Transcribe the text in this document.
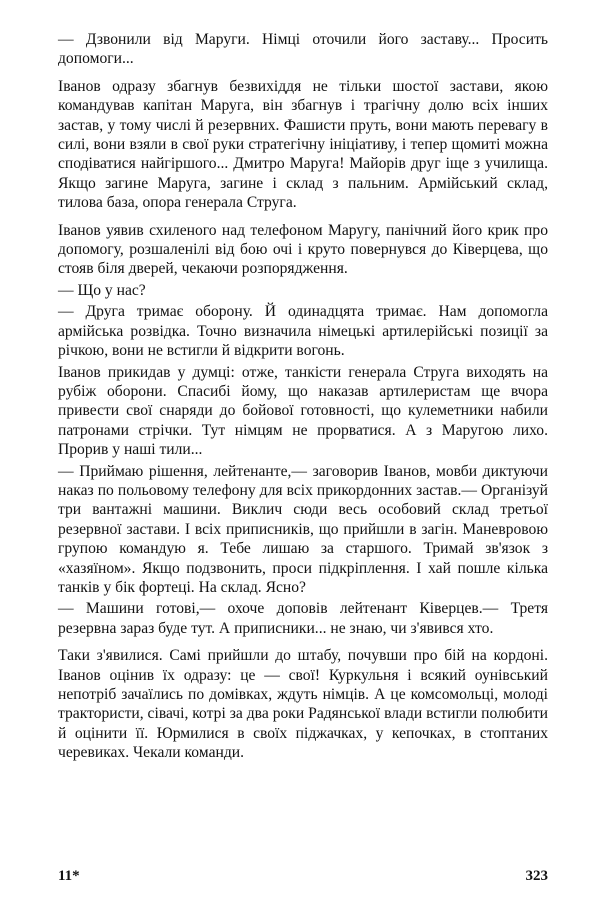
— Дзвонили від Маруги. Німці оточили його заставу... Просить допомоги...

Іванов одразу збагнув безвихіддя не тільки шостої застави, якою командував капітан Маруга, він збагнув і трагічну долю всіх інших застав, у тому числі й резервних. Фашисти пруть, вони мають перевагу в силі, вони взяли в свої руки стратегічну ініціативу, і тепер щомиті можна сподіватися найгіршого... Дмитро Маруга! Майорів друг іще з училища. Якщо загине Маруга, загине і склад з пальним. Армійський склад, тилова база, опора генерала Струга.

Іванов уявив схиленого над телефоном Маругу, панічний його крик про допомогу, розшаленілі від бою очі і круто повернувся до Ківерцева, що стояв біля дверей, чекаючи розпорядження.

— Що у нас?

— Друга тримає оборону. Й одинадцята тримає. Нам допомогла армійська розвідка. Точно визначила німецькі артилерійські позиції за річкою, вони не встигли й відкрити вогонь.

Іванов прикидав у думці: отже, танкісти генерала Струга виходять на рубіж оборони. Спасибі йому, що наказав артилеристам ще вчора привести свої снаряди до бойової готовності, що кулеметники набили патронами стрічки. Тут німцям не прорватися. А з Маругою лихо. Прорив у наші тили...

— Приймаю рішення, лейтенанте,— заговорив Іванов, мовби диктуючи наказ по польовому телефону для всіх прикордонних застав.— Організуй три вантажні машини. Виклич сюди весь особовий склад третьої резервної застави. І всіх приписників, що прийшли в загін. Маневровою групою командую я. Тебе лишаю за старшого. Тримай зв'язок з «хазяїном». Якщо подзвонить, проси підкріплення. І хай пошле кілька танків у бік фортеці. На склад. Ясно?

— Машини готові,— охоче доповів лейтенант Ківерцев.— Третя резервна зараз буде тут. А приписники... не знаю, чи з'явився хто.

Таки з'явилися. Самі прийшли до штабу, почувши про бій на кордоні. Іванов оцінив їх одразу: це — свої! Куркульня і всякий оунівський непотріб зачаїлись по домівках, ждуть німців. А це комсомольці, молоді трактористи, сівачі, котрі за два роки Радянської влади встигли полюбити й оцінити її. Юрмилися в своїх піджачках, у кепочках, в стоптаних черевиках. Чекали команди.

11*	323
